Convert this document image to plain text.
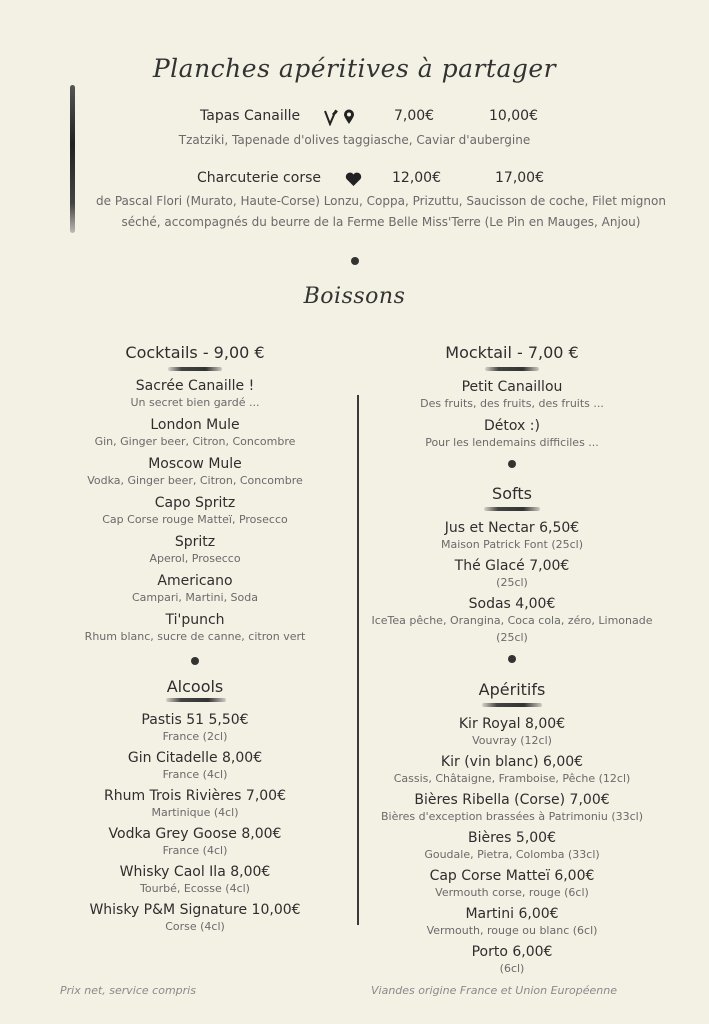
Planches apéritives à partager
Tapas Canaille	7,00€	10,00€
Tzatziki, Tapenade d'olives taggiasche, Caviar d'aubergine
Charcuterie corse	12,00€	17,00€
de Pascal Flori (Murato, Haute-Corse) Lonzu, Coppa, Prizuttu, Saucisson de coche, Filet mignon
séché, accompagnés du beurre de la Ferme Belle Miss'Terre (Le Pin en Mauges, Anjou)
Boissons
Cocktails - 9,00 €
Sacrée Canaille !
Un secret bien gardé ...
London Mule
Gin, Ginger beer, Citron, Concombre
Moscow Mule
Vodka, Ginger beer, Citron, Concombre
Capo Spritz
Cap Corse rouge Matteï, Prosecco
Spritz
Aperol, Prosecco
Americano
Campari, Martini, Soda
Ti'punch
Rhum blanc, sucre de canne, citron vert
Alcools
Pastis 51 5,50€
France (2cl)
Gin Citadelle 8,00€
France (4cl)
Rhum Trois Rivières 7,00€
Martinique (4cl)
Vodka Grey Goose 8,00€
France (4cl)
Whisky Caol Ila 8,00€
Tourbé, Ecosse (4cl)
Whisky P&M Signature 10,00€
Corse (4cl)
Mocktail - 7,00 €
Petit Canaillou
Des fruits, des fruits, des fruits ...
Détox :)
Pour les lendemains difficiles ...
Softs
Jus et Nectar 6,50€
Maison Patrick Font (25cl)
Thé Glacé 7,00€
(25cl)
Sodas 4,00€
IceTea pêche, Orangina, Coca cola, zéro, Limonade
(25cl)
Apéritifs
Kir Royal 8,00€
Vouvray (12cl)
Kir (vin blanc) 6,00€
Cassis, Châtaigne, Framboise, Pêche (12cl)
Bières Ribella (Corse) 7,00€
Bières d'exception brassées à Patrimoniu (33cl)
Bières 5,00€
Goudale, Pietra, Colomba (33cl)
Cap Corse Matteï 6,00€
Vermouth corse, rouge (6cl)
Martini 6,00€
Vermouth, rouge ou blanc (6cl)
Porto 6,00€
(6cl)
Prix net, service compris	Viandes origine France et Union Européenne
